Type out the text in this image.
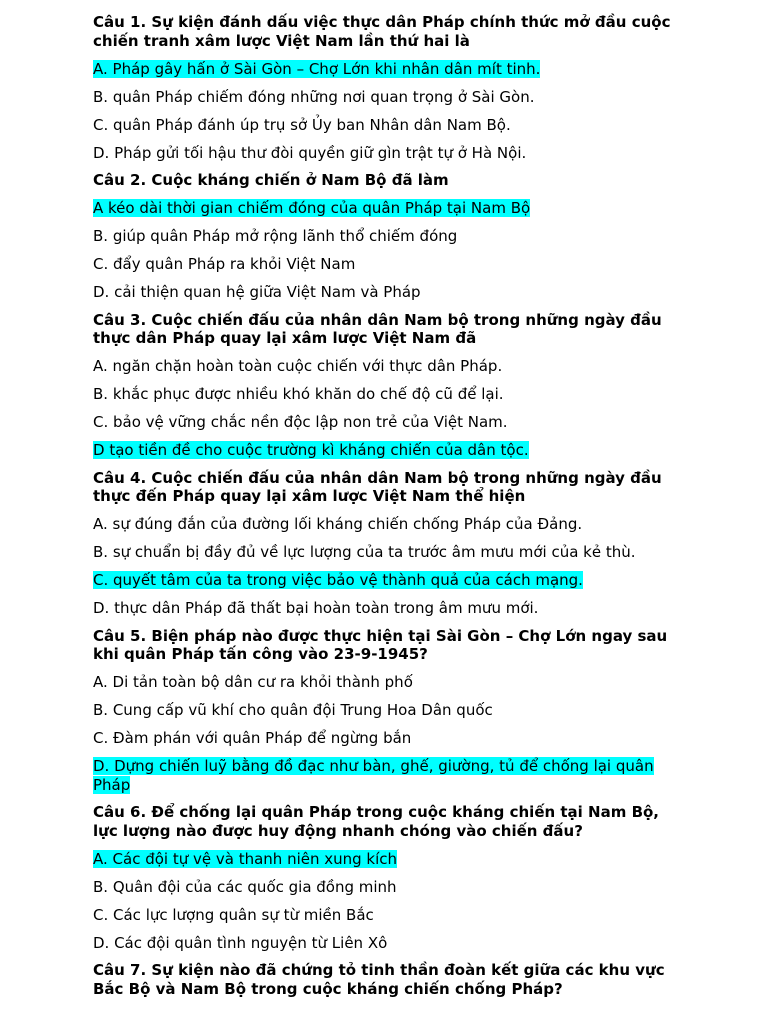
Câu 1. Sự kiện đánh dấu việc thực dân Pháp chính thức mở đầu cuộc chiến tranh xâm lược Việt Nam lần thứ hai là

A. Pháp gây hấn ở Sài Gòn – Chợ Lớn khi nhân dân mít tinh.

B. quân Pháp chiếm đóng những nơi quan trọng ở Sài Gòn.

C. quân Pháp đánh úp trụ sở Ủy ban Nhân dân Nam Bộ.

D. Pháp gửi tối hậu thư đòi quyền giữ gìn trật tự ở Hà Nội.

Câu 2. Cuộc kháng chiến ở Nam Bộ đã làm

A kéo dài thời gian chiếm đóng của quân Pháp tại Nam Bộ

B. giúp quân Pháp mở rộng lãnh thổ chiếm đóng

C. đẩy quân Pháp ra khỏi Việt Nam

D. cải thiện quan hệ giữa Việt Nam và Pháp

Câu 3. Cuộc chiến đấu của nhân dân Nam bộ trong những ngày đầu thực dân Pháp quay lại xâm lược Việt Nam đã

A. ngăn chặn hoàn toàn cuộc chiến với thực dân Pháp.

B. khắc phục được nhiều khó khăn do chế độ cũ để lại.

C. bảo vệ vững chắc nền độc lập non trẻ của Việt Nam.

D tạo tiền đề cho cuộc trường kì kháng chiến của dân tộc.

Câu 4. Cuộc chiến đấu của nhân dân Nam bộ trong những ngày đầu thực đến Pháp quay lại xâm lược Việt Nam thể hiện

A. sự đúng đắn của đường lối kháng chiến chống Pháp của Đảng.

B. sự chuẩn bị đầy đủ về lực lượng của ta trước âm mưu mới của kẻ thù.

C. quyết tâm của ta trong việc bảo vệ thành quả của cách mạng.

D. thực dân Pháp đã thất bại hoàn toàn trong âm mưu mới.

Câu 5. Biện pháp nào được thực hiện tại Sài Gòn – Chợ Lớn ngay sau khi quân Pháp tấn công vào 23-9-1945?

A. Di tản toàn bộ dân cư ra khỏi thành phố

B. Cung cấp vũ khí cho quân đội Trung Hoa Dân quốc

C. Đàm phán với quân Pháp để ngừng bắn

D. Dựng chiến luỹ bằng đồ đạc như bàn, ghế, giường, tủ để chống lại quân Pháp

Câu 6. Để chống lại quân Pháp trong cuộc kháng chiến tại Nam Bộ, lực lượng nào được huy động nhanh chóng vào chiến đấu?

A. Các đội tự vệ và thanh niên xung kích

B. Quân đội của các quốc gia đồng minh

C. Các lực lượng quân sự từ miền Bắc

D. Các đội quân tình nguyện từ Liên Xô

Câu 7. Sự kiện nào đã chứng tỏ tinh thần đoàn kết giữa các khu vực Bắc Bộ và Nam Bộ trong cuộc kháng chiến chống Pháp?
